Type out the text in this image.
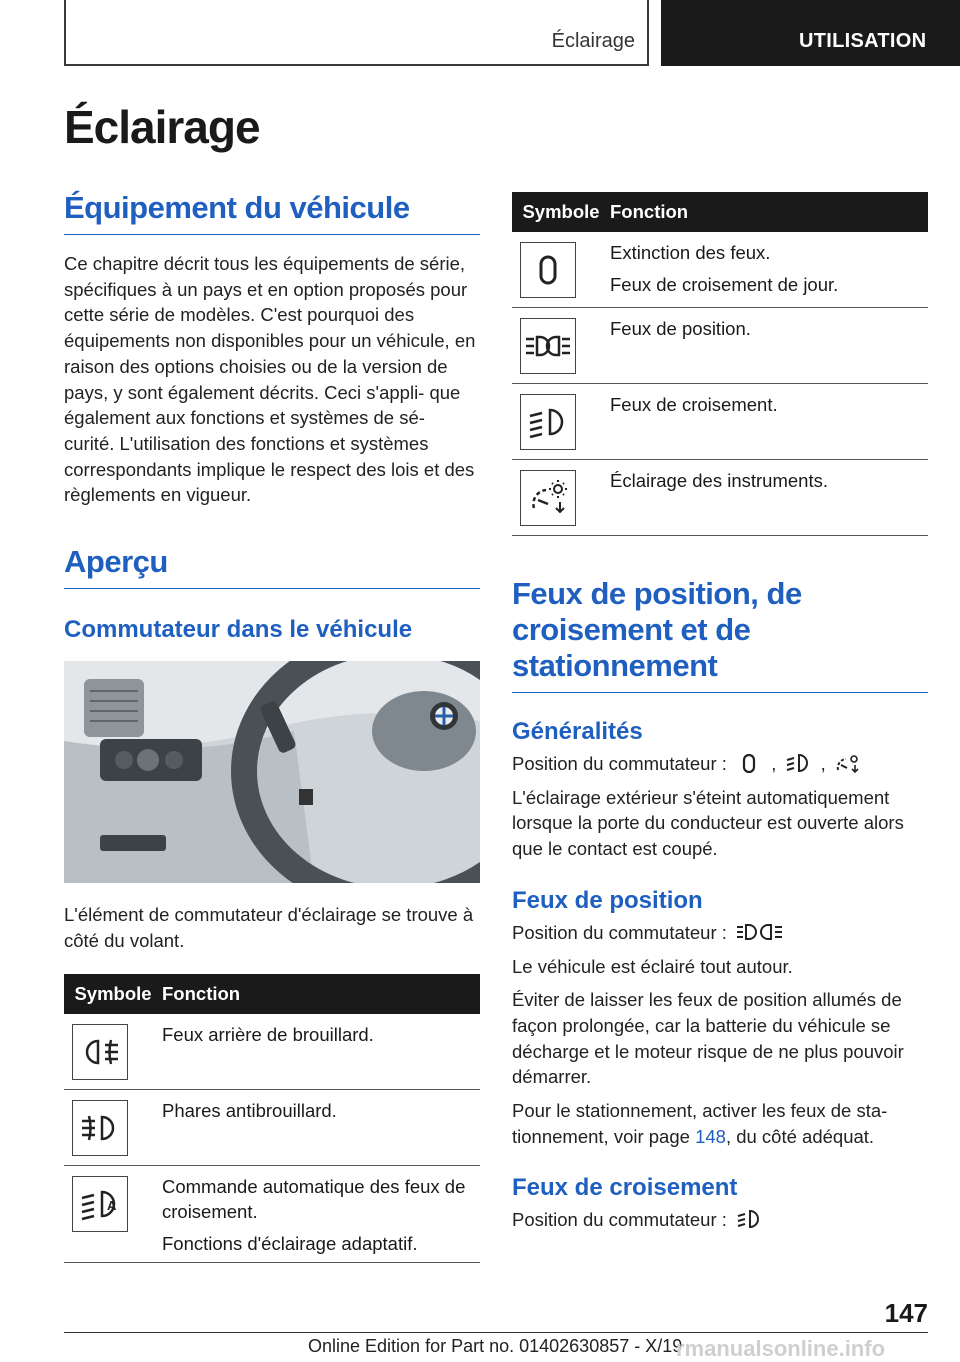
Éclairage	UTILISATION
Éclairage
Équipement du véhicule
Ce chapitre décrit tous les équipements de série, spécifiques à un pays et en option proposés pour cette série de modèles. C'est pourquoi des équipements non disponibles pour un véhicule, en raison des options choisies ou de la version de pays, y sont également décrits. Ceci s'appli‐ que également aux fonctions et systèmes de sé‐ curité. L'utilisation des fonctions et systèmes correspondants implique le respect des lois et des règlements en vigueur.
Aperçu
Commutateur dans le véhicule
L'élément de commutateur d'éclairage se trouve à côté du volant.
Symbole Fonction
Feux arrière de brouillard.
Phares antibrouillard.
A
Commande automatique des feux de croisement.
Fonctions d'éclairage adaptatif.
Symbole Fonction
Extinction des feux.
Feux de croisement de jour.
Feux de position.
Feux de croisement.
Éclairage des instruments.
Feux de position, de croisement et de stationnement
Généralités
Position du commutateur : , ,
L'éclairage extérieur s'éteint automatiquement lorsque la porte du conducteur est ouverte alors que le contact est coupé.
Feux de position
Position du commutateur :
Le véhicule est éclairé tout autour.
Éviter de laisser les feux de position allumés de façon prolongée, car la batterie du véhicule se décharge et le moteur risque de ne plus pouvoir démarrer.
Pour le stationnement, activer les feux de sta‐ tionnement, voir page 148, du côté adéquat.
Feux de croisement
Position du commutateur :
147
Online Edition for Part no. 01402630857 - X/19
rmanualsonline.info
